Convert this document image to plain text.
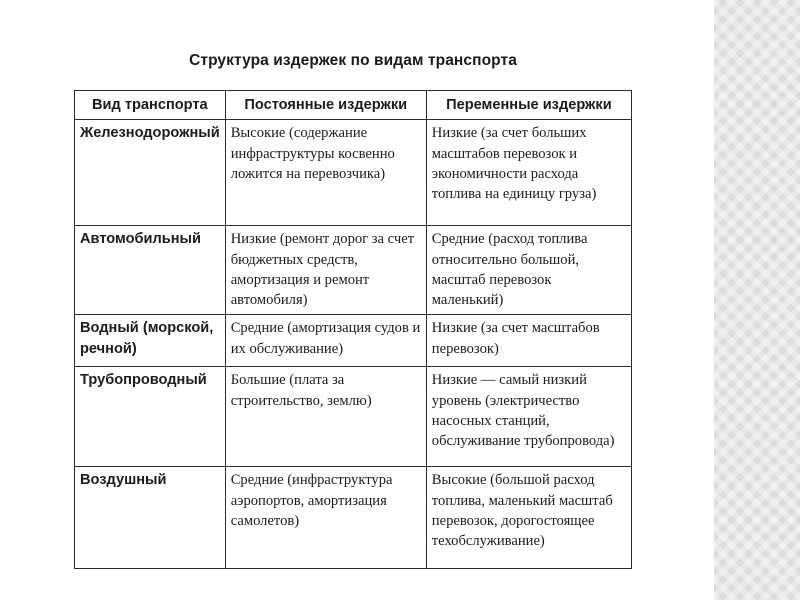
Структура издержек по видам транспорта
Вид транспорта	Постоянные издержки	Переменные издержки
Железнодорожный	Высокие (содержание инфраструктуры косвенно ложится на перевозчика)	Низкие (за счет больших масштабов перевозок и экономичности расхода топлива на единицу груза)
Автомобильный	Низкие (ремонт дорог за счет бюджетных средств, амортизация и ремонт автомобиля)	Средние (расход топлива относительно большой, масштаб перевозок маленький)
Водный (морской, речной)	Средние (амортизация судов и их обслуживание)	Низкие (за счет масштабов перевозок)
Трубопроводный	Большие (плата за строительство, землю)	Низкие — самый низкий уровень (электричество насосных станций, обслуживание трубопровода)
Воздушный	Средние (инфраструктура аэропортов, амортизация самолетов)	Высокие (большой расход топлива, маленький масштаб перевозок, дорогостоящее техобслуживание)
